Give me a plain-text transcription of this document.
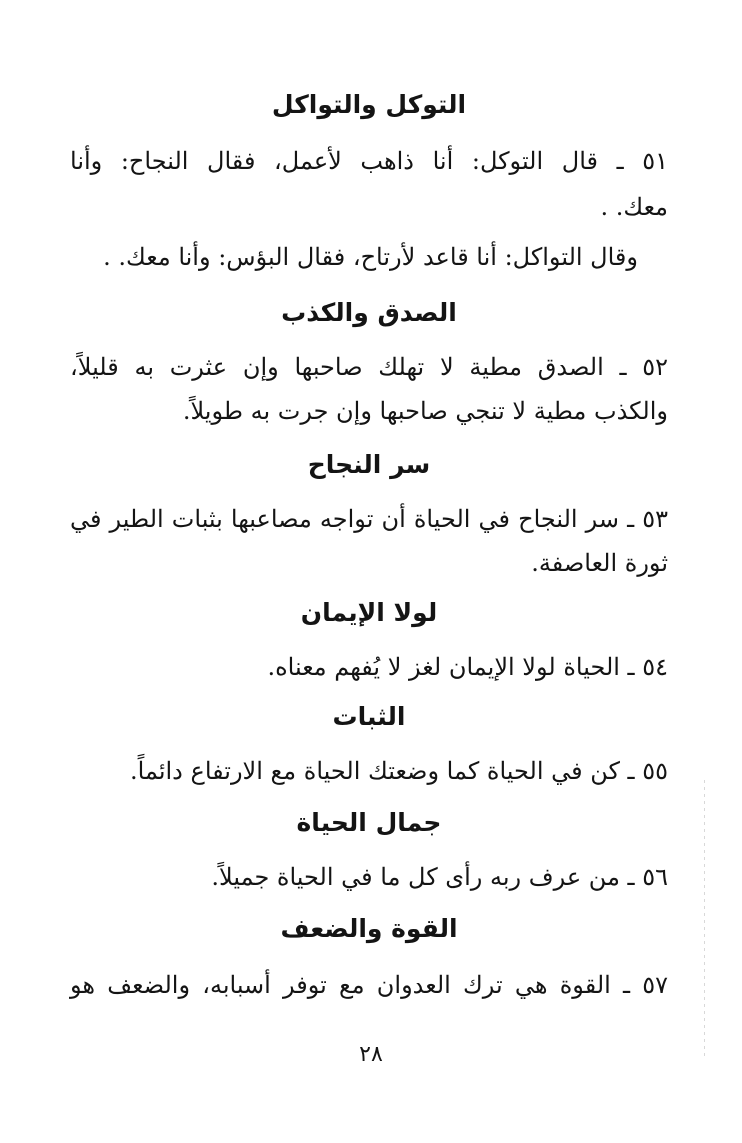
التوكل والتواكل

٥١ ـ قال التوكل: أنا ذاهب لأعمل، فقال النجاح: وأنا

معك. .

وقال التواكل: أنا قاعد لأرتاح، فقال البؤس: وأنا معك. .

الصدق والكذب

٥٢ ـ الصدق مطية لا تهلك صاحبها وإن عثرت به قليلاً،

والكذب مطية لا تنجي صاحبها وإن جرت به طويلاً.

سر النجاح

٥٣ ـ سر النجاح في الحياة أن تواجه مصاعبها بثبات الطير في

ثورة العاصفة.

لولا الإيمان

٥٤ ـ الحياة لولا الإيمان لغز لا يُفهم معناه.

الثبات

٥٥ ـ كن في الحياة كما وضعتك الحياة مع الارتفاع دائماً.

جمال الحياة

٥٦ ـ من عرف ربه رأى كل ما في الحياة جميلاً.

القوة والضعف

٥٧ ـ القوة هي ترك العدوان مع توفر أسبابه، والضعف هو

٢٨
